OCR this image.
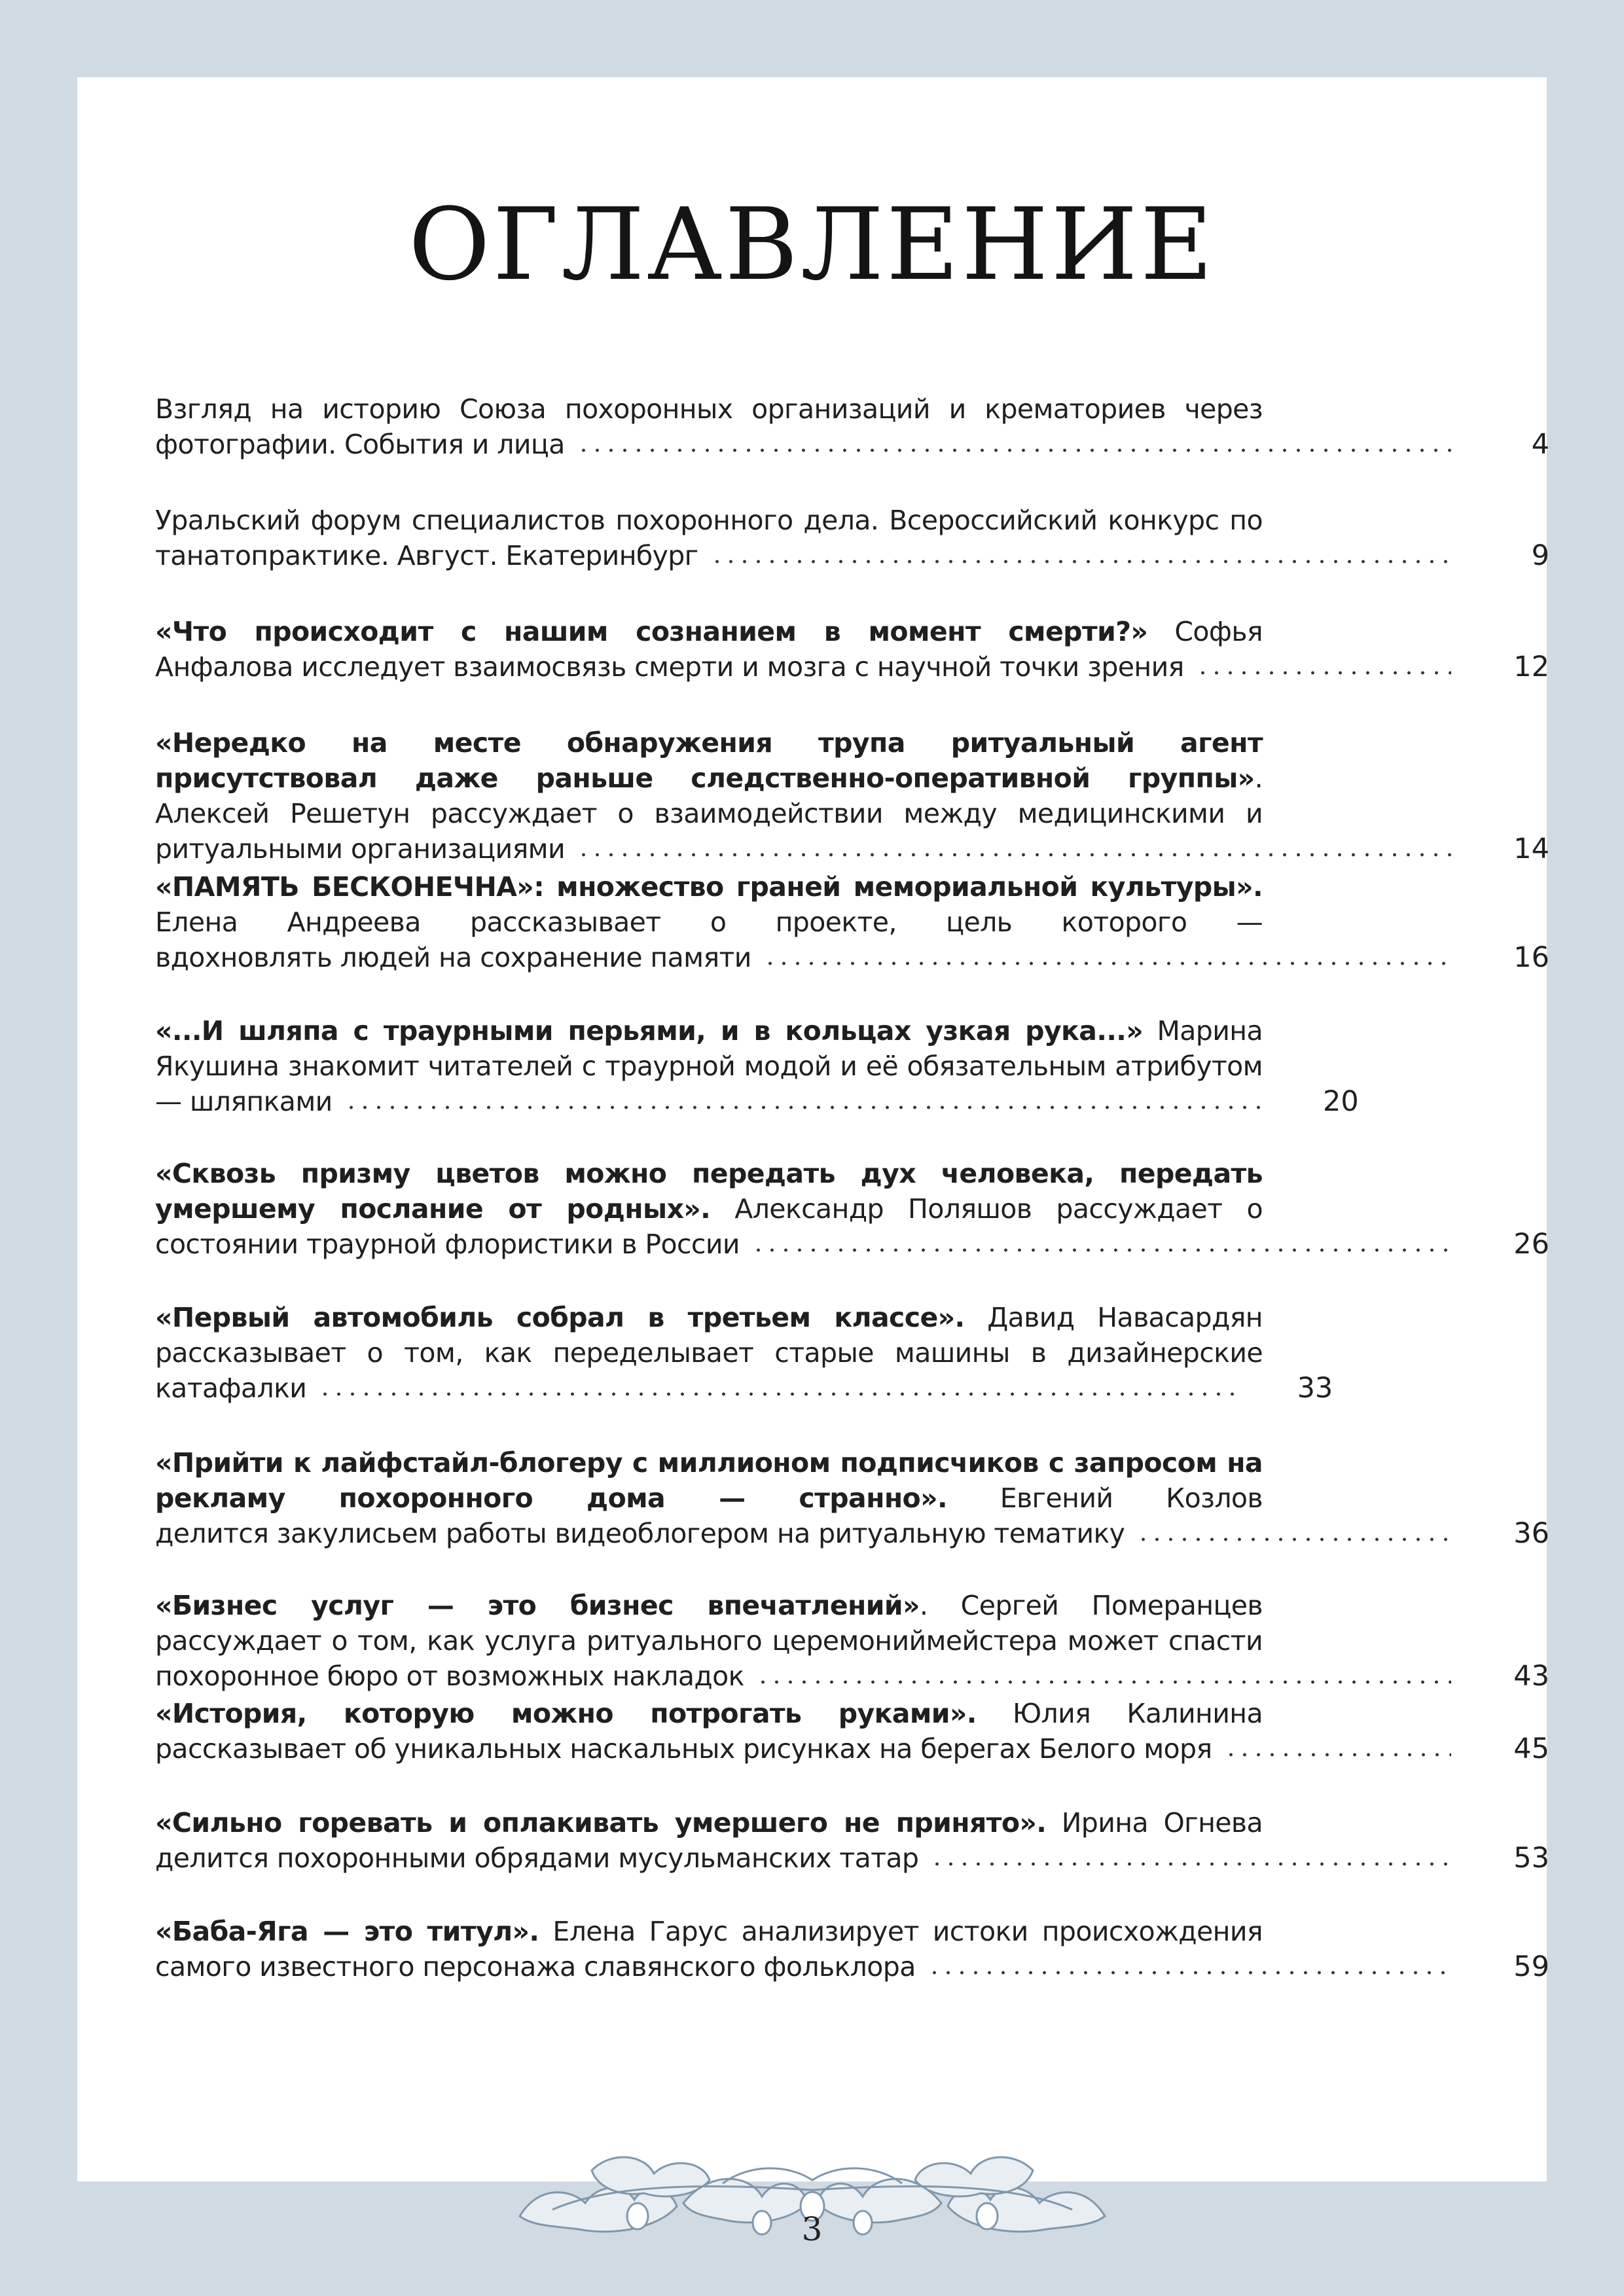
ОГЛАВЛЕНИЕ
Взгляд на историю Союза похоронных организаций и крематориев через
фотографии. События и лица	4
Уральский форум специалистов похоронного дела. Всероссийский конкурс по
танатопрактике. Август. Екатеринбург	9
«Что происходит с нашим сознанием в момент смерти?» Софья
Анфалова исследует взаимосвязь смерти и мозга с научной точки зрения	12
«Нередко на месте обнаружения трупа ритуальный агент присутствовал даже раньше следственно-оперативной группы». Алексей Решетун рассуждает о взаимодействии между медицинскими и
ритуальными организациями	14
«ПАМЯТЬ БЕСКОНЕЧНА»: множество граней мемориальной культуры». Елена Андреева рассказывает о проекте, цель которого —
вдохновлять людей на сохранение памяти	16
«...И шляпа с траурными перьями, и в кольцах узкая рука...» Марина Якушина знакомит читателей с траурной модой и её обязательным атрибутом
— шляпками	20
«Сквозь призму цветов можно передать дух человека, передать умершему послание от родных». Александр Поляшов рассуждает о
состоянии траурной флористики в России	26
«Первый автомобиль собрал в третьем классе». Давид Навасардян рассказывает о том, как переделывает старые машины в дизайнерские
катафалки	33
«Прийти к лайфстайл-блогеру с миллионом подписчиков с запросом на рекламу похоронного дома — странно». Евгений Козлов
делится закулисьем работы видеоблогером на ритуальную тематику	36
«Бизнес услуг — это бизнес впечатлений». Сергей Померанцев рассуждает о том, как услуга ритуального церемониймейстера может спасти
похоронное бюро от возможных накладок	43
«История, которую можно потрогать руками». Юлия Калинина
рассказывает об уникальных наскальных рисунках на берегах Белого моря	45
«Сильно горевать и оплакивать умершего не принято». Ирина Огнева
делится похоронными обрядами мусульманских татар	53
«Баба-Яга — это титул». Елена Гарус анализирует истоки происхождения
самого известного персонажа славянского фольклора	59
3
